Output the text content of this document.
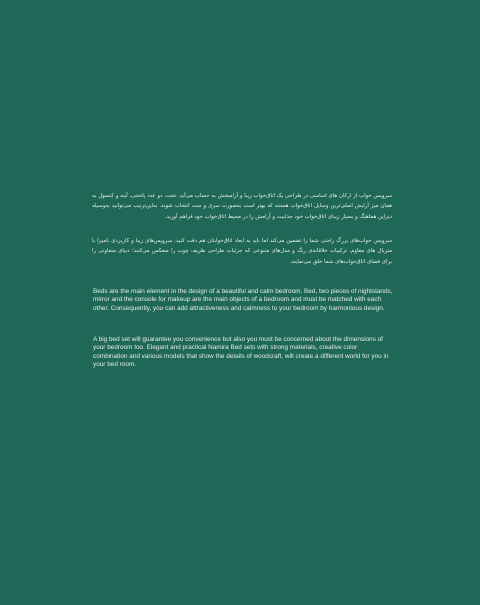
سرویس خواب از ارکان های اساسی در طراحی یک اتاق‌خواب زیبا و آرامبخش به حساب می‌آید. تخت، دو عدد پاتختی، آینه و کنسول به همان میز آرایش اصلی‌ترین وسایل اتاق‌خواب هستند که بهتر است به‌صورت سری و ست انتخاب شوند. به‌این‌ترتیب می‌توانید به‌وسیله دیزاین هماهنگ و بسیار زیبای اتاق‌خواب خود جذابیت و آرامش را در محیط اتاق‌خواب خود فراهم آورید.
سرویس خواب‌های بزرگ راحتی شما را تضمین می‌کند اما باید به ابعاد اتاق‌خوابتان هم دقت کنید. سرویس‌های زیبا و کاربردی نامیرا با متریال های مقاوم، ترکیبات خلاقانه‌ی رنگ و مدل‌های متنوعی که جزئیات طراحی ظریف چوب را منعکس می‌کنند؛ دنیای متفاوتی را برای فضای اتاق‌خواب‌های شما خلق می‌نمایند.
Beds are the main element in the design of a beautiful and calm bedroom. Bed, two pieces of nightstands, mirror and the console for makeup are the main objects of a bedroom and must be matched with each other. Consequently, you can add attractiveness and calmness to your bedroom by harmonious design.
A big bed set will guarantee you convenience but also you must be concerned about the dimensions of your bedroom too. Elegant and practical Namira Bed sets with strong materials, creative color combination and various models that show the details of woodcraft, will create a different world for you in your bed room.
